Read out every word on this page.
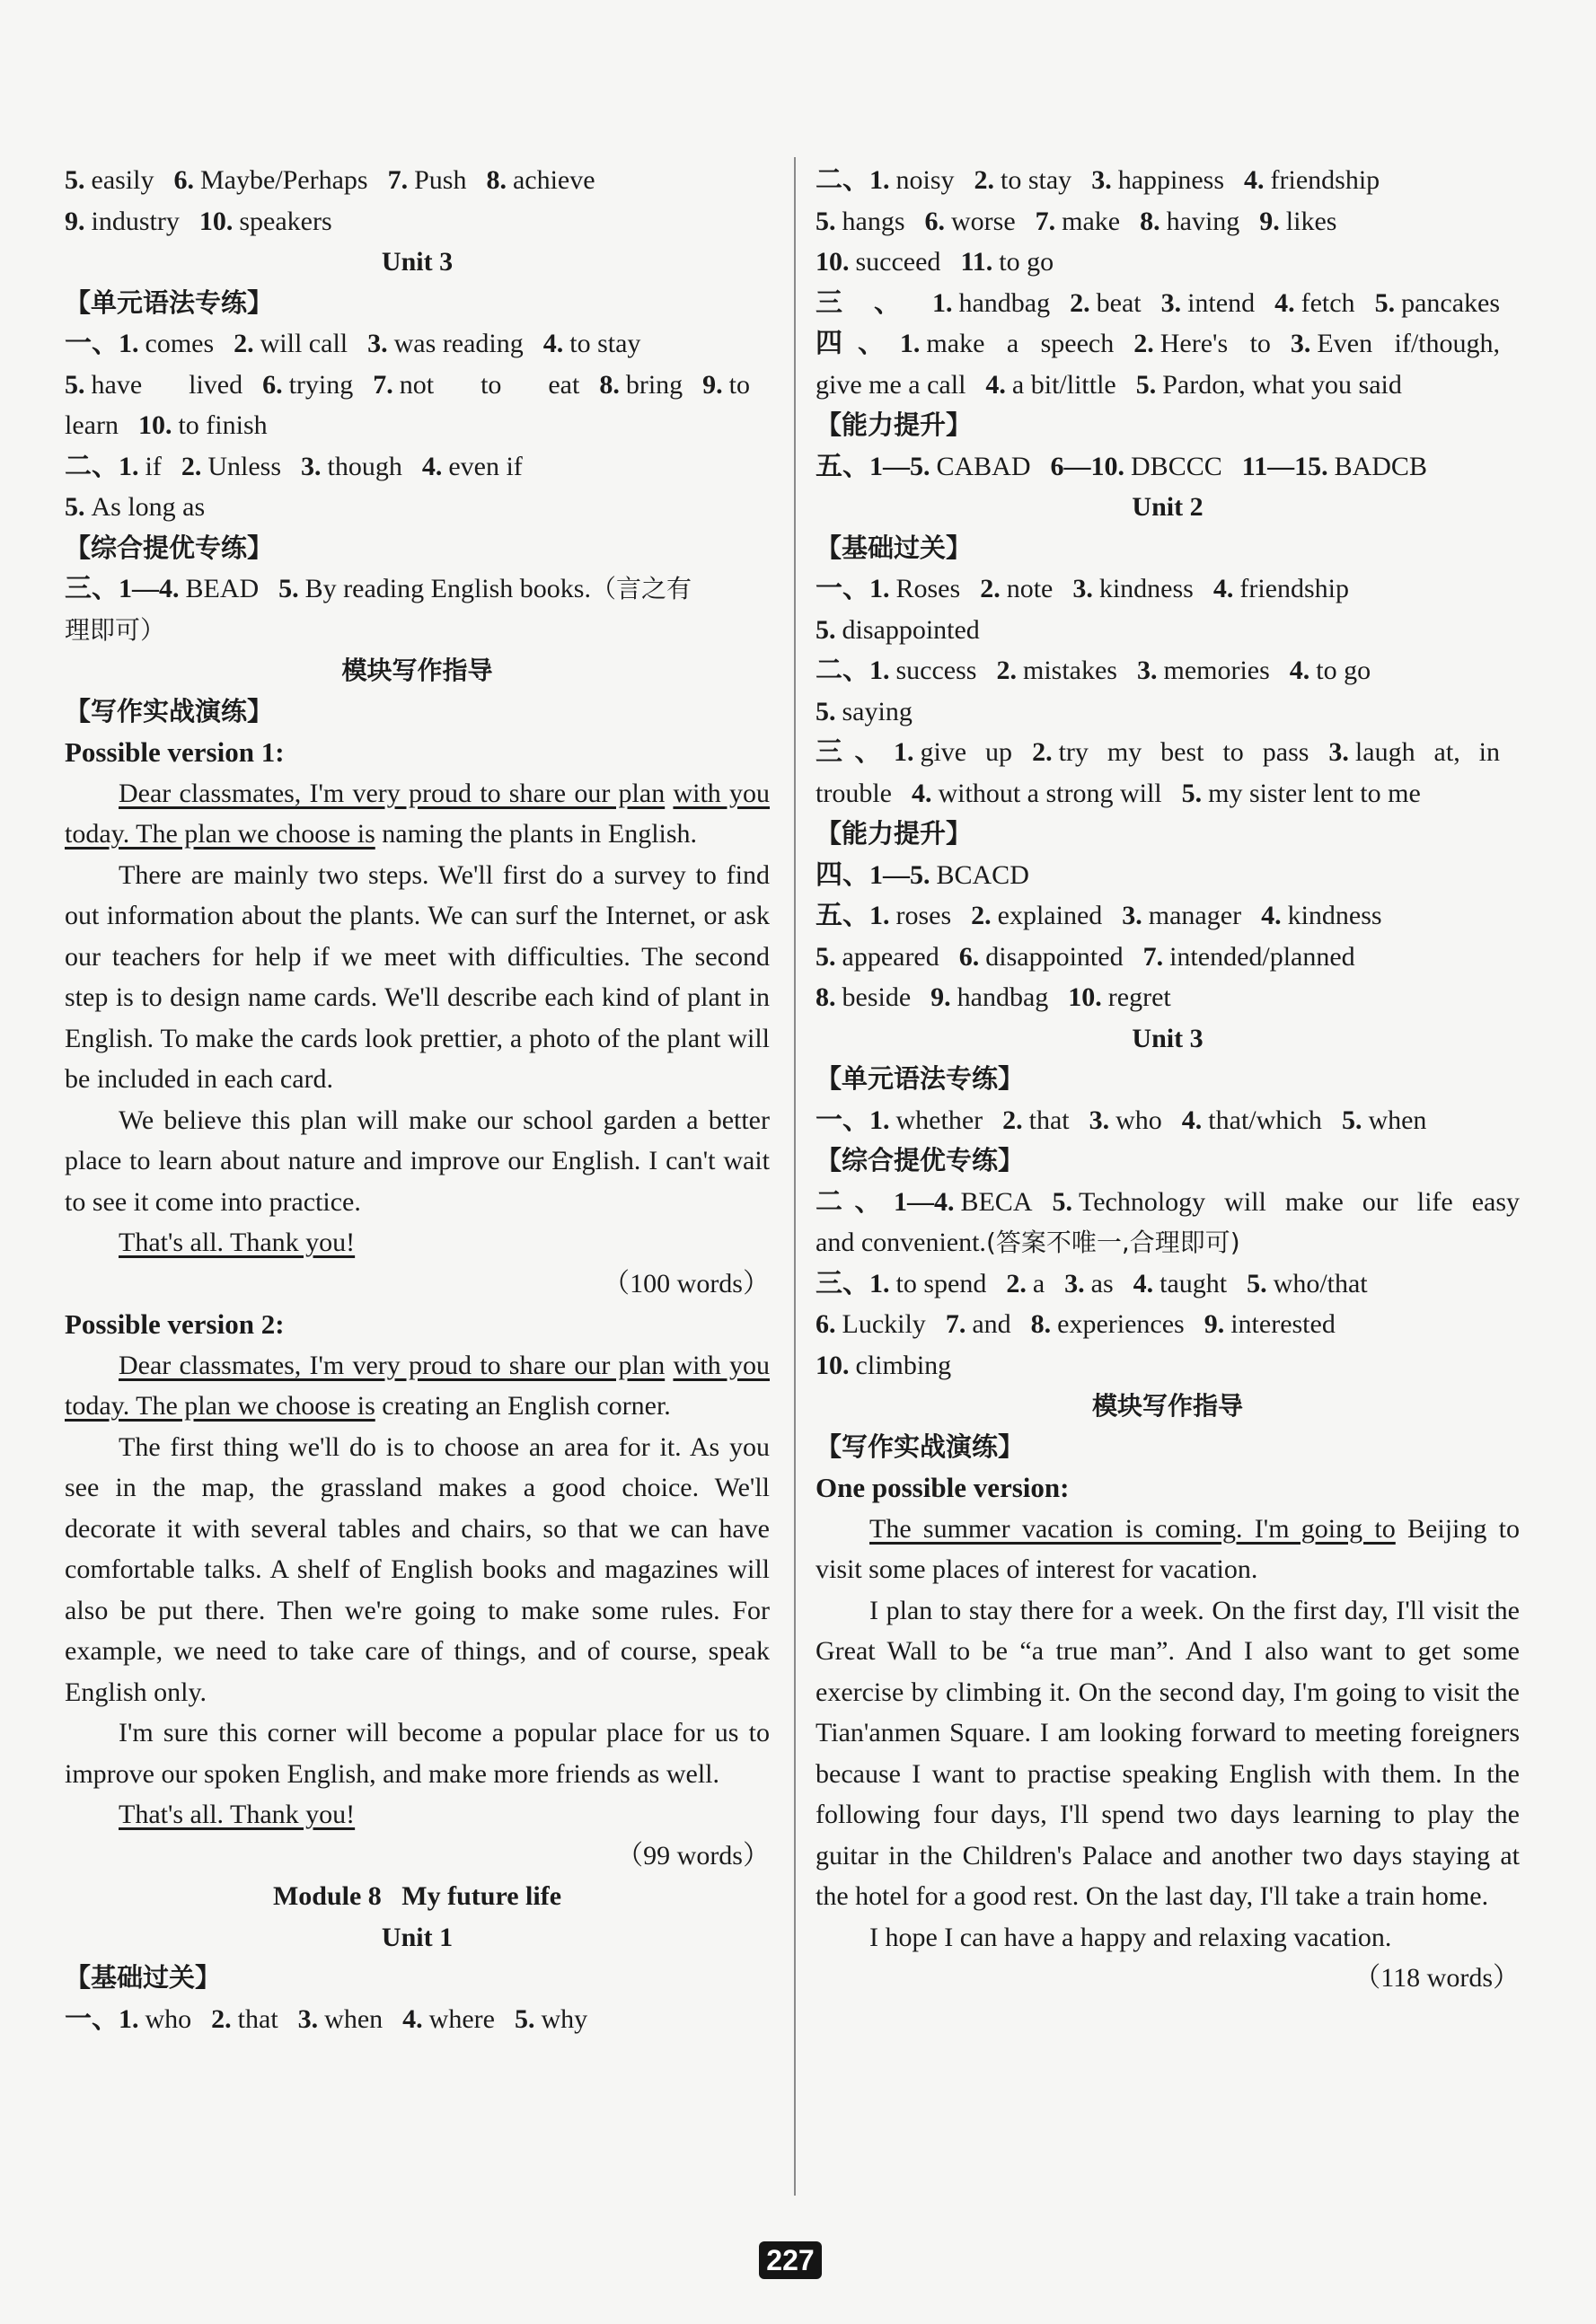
5. easily 6. Maybe/Perhaps 7. Push 8. achieve

9. industry 10. speakers

Unit 3

【单元语法专练】

一、1. comes 2. will call 3. was reading 4. to stay

5. have lived 6. trying 7. not to eat 8. bring 9. to

learn 10. to finish

二、1. if 2. Unless 3. though 4. even if

5. As long as

【综合提优专练】

三、1—4. BEAD 5. By reading English books.（言之有

理即可）

模块写作指导

【写作实战演练】

Possible version 1:

Dear classmates, I'm very proud to share our plan with you today. The plan we choose is naming the plants in English.

There are mainly two steps. We'll first do a survey to find out information about the plants. We can surf the Internet, or ask our teachers for help if we meet with difficulties. The second step is to design name cards. We'll describe each kind of plant in English. To make the cards look prettier, a photo of the plant will be included in each card.

We believe this plan will make our school garden a better place to learn about nature and improve our English. I can't wait to see it come into practice.

That's all. Thank you!

（100 words）

Possible version 2:

Dear classmates, I'm very proud to share our plan with you today. The plan we choose is creating an English corner.

The first thing we'll do is to choose an area for it. As you see in the map, the grassland makes a good choice. We'll decorate it with several tables and chairs, so that we can have comfortable talks. A shelf of English books and magazines will also be put there. Then we're going to make some rules. For example, we need to take care of things, and of course, speak English only.

I'm sure this corner will become a popular place for us to improve our spoken English, and make more friends as well.

That's all. Thank you!

（99 words）

Module 8   My future life

Unit 1

【基础过关】

一、1. who 2. that 3. when 4. where 5. why

二、1. noisy 2. to stay 3. happiness 4. friendship

5. hangs 6. worse 7. make 8. having 9. likes

10. succeed 11. to go

三、1. handbag 2. beat 3. intend 4. fetch 5. pancakes

四、1. make a speech 2. Here's to 3. Even if/though,

give me a call 4. a bit/little 5. Pardon, what you said

【能力提升】

五、1—5. CABAD 6—10. DBCCC 11—15. BADCB

Unit 2

【基础过关】

一、1. Roses 2. note 3. kindness 4. friendship

5. disappointed

二、1. success 2. mistakes 3. memories 4. to go

5. saying

三、1. give up 2. try my best to pass 3. laugh at, in

trouble 4. without a strong will 5. my sister lent to me

【能力提升】

四、1—5. BCACD

五、1. roses 2. explained 3. manager 4. kindness

5. appeared 6. disappointed 7. intended/planned

8. beside 9. handbag 10. regret

Unit 3

【单元语法专练】

一、1. whether 2. that 3. who 4. that/which 5. when

【综合提优专练】

二、1—4. BECA 5. Technology will make our life easy

and convenient.(答案不唯一,合理即可)

三、1. to spend 2. a 3. as 4. taught 5. who/that

6. Luckily 7. and 8. experiences 9. interested

10. climbing

模块写作指导

【写作实战演练】

One possible version:

The summer vacation is coming. I'm going to Beijing to visit some places of interest for vacation.

I plan to stay there for a week. On the first day, I'll visit the Great Wall to be “a true man”. And I also want to get some exercise by climbing it. On the second day, I'm going to visit the Tian'anmen Square. I am looking forward to meeting foreigners because I want to practise speaking English with them. In the following four days, I'll spend two days learning to play the guitar in the Children's Palace and another two days staying at the hotel for a good rest. On the last day, I'll take a train home.

I hope I can have a happy and relaxing vacation.

（118 words）

227
